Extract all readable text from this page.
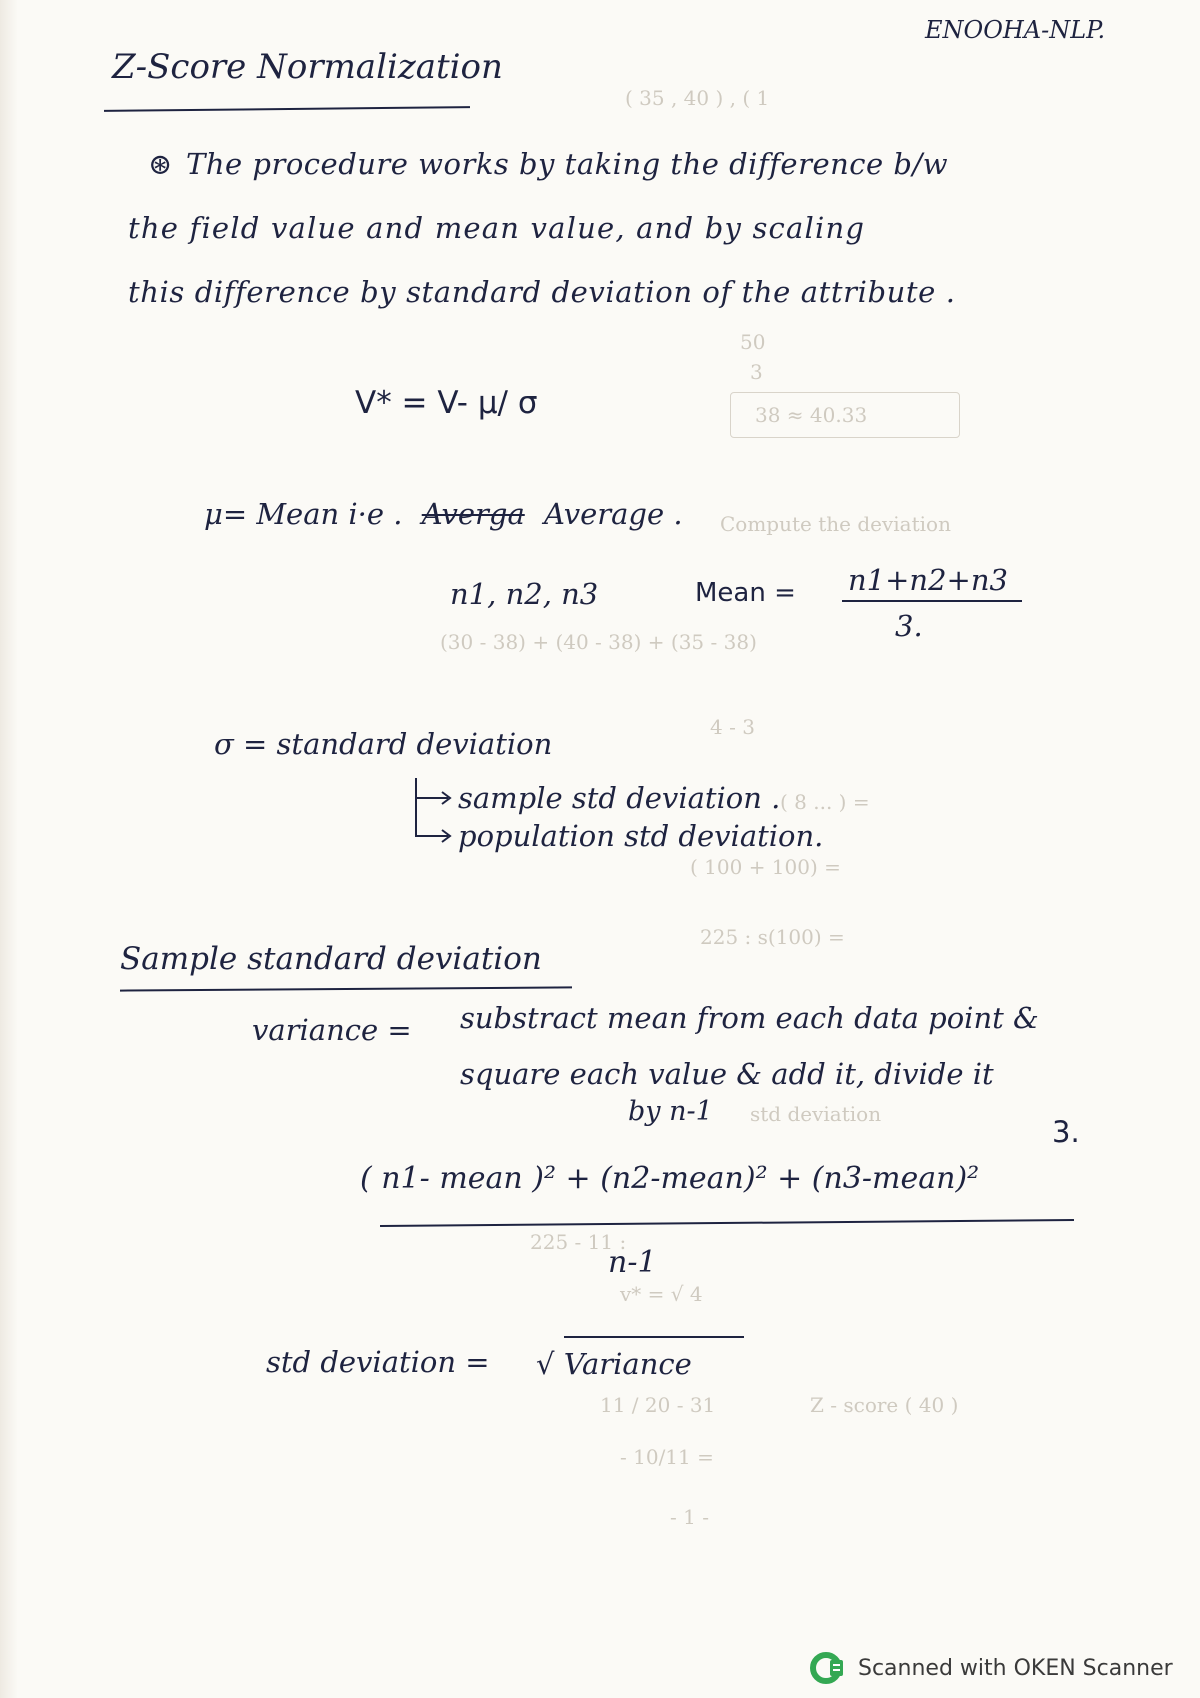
( 35 , 40 ) , ( 1
50
3
38 ≈ 40.33
Compute the deviation
(30 - 38) + (40 - 38) + (35 - 38)
4 - 3
( 8 ... ) =
( 100 + 100) =
225 : s(100) =
std deviation
225 - 11 :
v* = √ 4
11 / 20 - 31	Z - score ( 40 )
- 10/11 =
- 1 -
ENOOHA-NLP.
Z-Score Normalization
⊛ The procedure works by taking the difference b/w
the field value and mean value, and by scaling
this difference by standard deviation of the attribute .
V* = V- μ/ σ
μ= Mean i·e . Averga Average .
n1, n2, n3	Mean = n1+n2+n3
3.
σ = standard deviation
sample std deviation .
population std deviation.
Sample standard deviation
variance = substract mean from each data point &
square each value & add it, divide it
by n-1
3.
( n1- mean )² + (n2-mean)² + (n3-mean)²
n-1
std deviation = √ Variance
Scanned with OKEN Scanner
